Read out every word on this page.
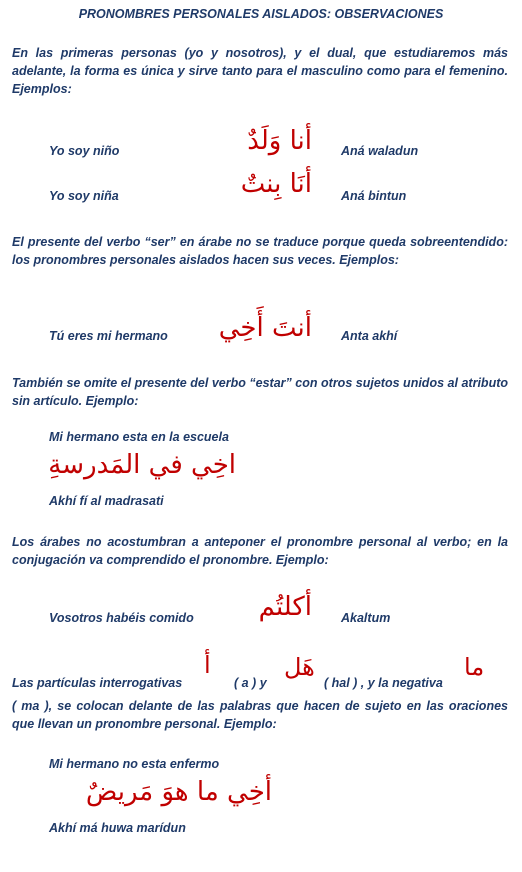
PRONOMBRES PERSONALES AISLADOS: OBSERVACIONES
En las primeras personas (yo y nosotros), y el dual, que estudiaremos más adelante, la forma es única y sirve tanto para el masculino como para el femenino. Ejemplos:
Yo soy niño	أنا وَلَدٌ Aná waladun
Yo soy niña	أنَا بِنتٌ Aná bintun
El presente del verbo “ser” en árabe no se traduce porque queda sobreentendido: los pronombres personales aislados hacen sus veces. Ejemplos:
Tú eres mi hermano	أنتَ أَخِي Anta akhí
También se omite el presente del verbo “estar” con otros sujetos unidos al atributo sin artículo. Ejemplo:
Mi hermano esta en la escuela
اخِي في المَدرسةِ
Akhí fí al madrasati
Los árabes no acostumbran a anteponer el pronombre personal al verbo; en la conjugación va comprendido el pronombre. Ejemplo:
Vosotros habéis comido	أكلتُم Akaltum
Las partículas interrogativas
أ
( a ) y
هَل
( hal ) , y la negativa
ما
( ma ), se colocan delante de las palabras que hacen de sujeto en las oraciones que llevan un pronombre personal. Ejemplo:
Mi hermano no esta enfermo
أخِي ما هوَ مَريضٌ
Akhí má huwa marídun
